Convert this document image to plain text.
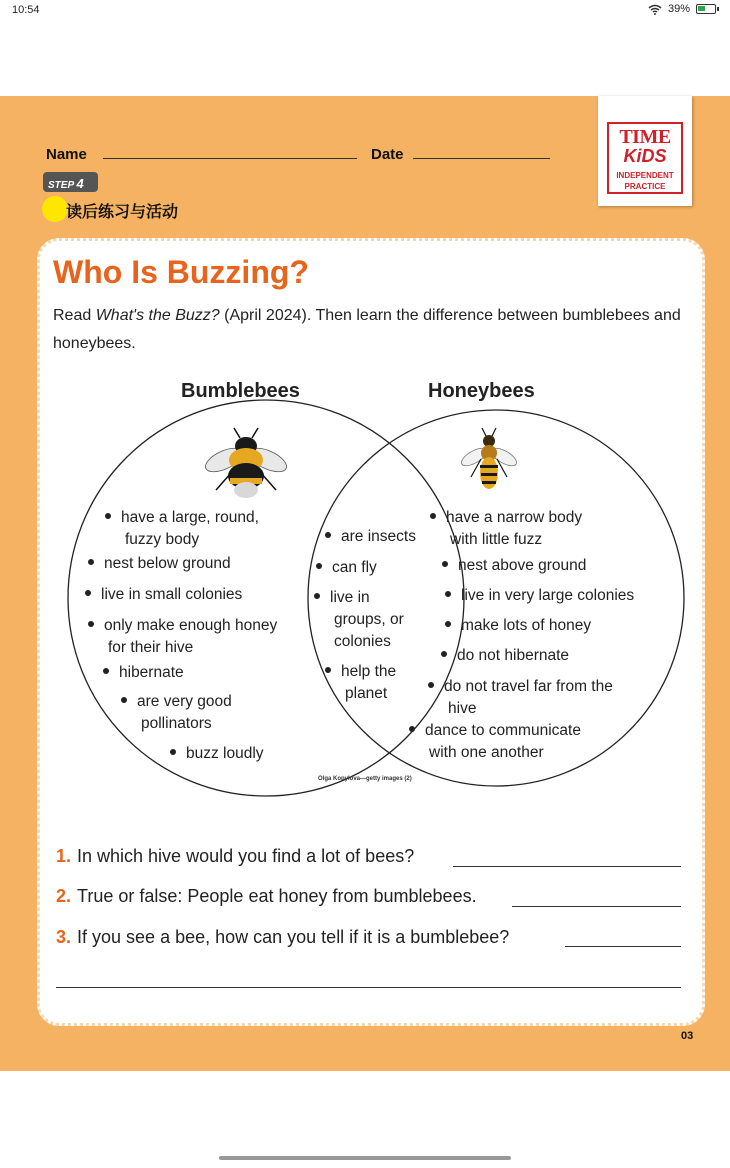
10:54	39%
TIME
KiDS
INDEPENDENT PRACTICE
Name	Date
STEP 4
读后练习与活动
Who Is Buzzing?
Read What's the Buzz? (April 2024). Then learn the difference between bumblebees and honeybees.
Bumblebees	Honeybees
have a large, round,
fuzzy body
nest below ground
live in small colonies
only make enough honey
for their hive
hibernate
are very good
pollinators
buzz loudly
are insects
can fly
live in
groups, or
colonies
help the
planet
have a narrow body
with little fuzz
nest above ground
live in very large colonies
make lots of honey
do not hibernate
do not travel far from the
hive
dance to communicate
with one another
Olga Kopylova—getty images (2)
1. In which hive would you find a lot of bees?
2. True or false: People eat honey from bumblebees.
3. If you see a bee, how can you tell if it is a bumblebee?
03
